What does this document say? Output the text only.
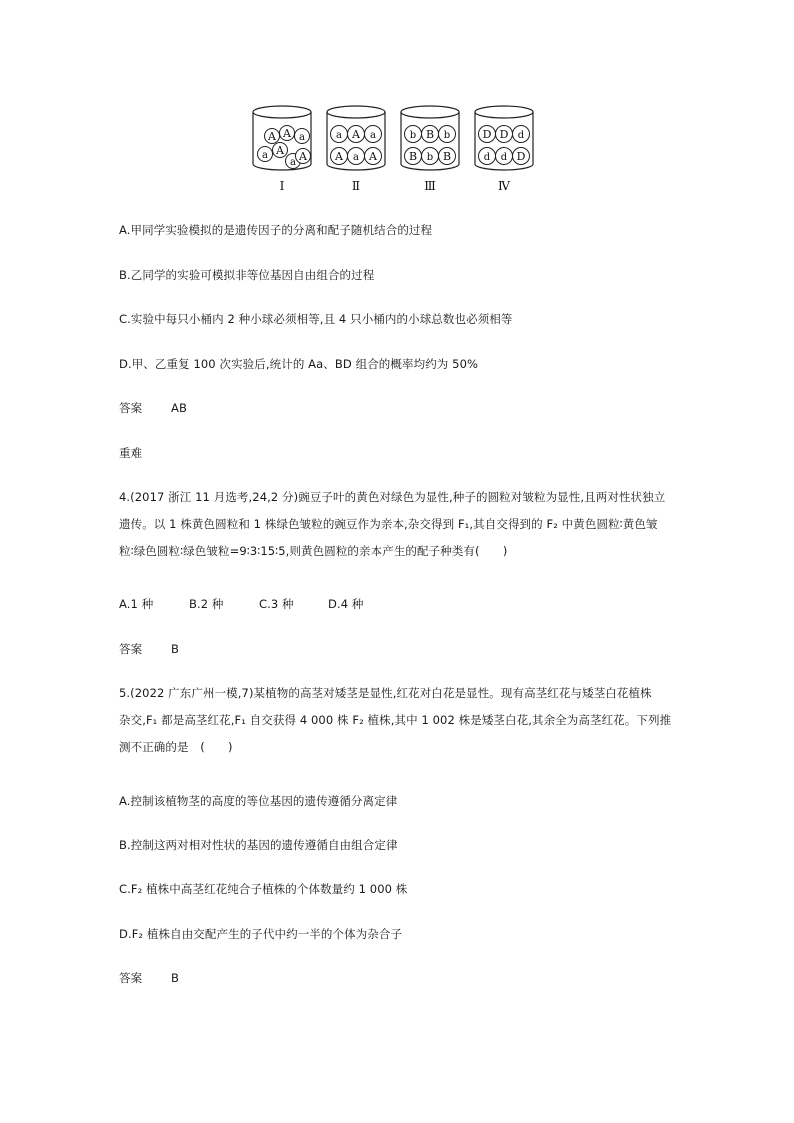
A A a
a A
a A
Ⅰ
a A a
A a A
Ⅱ
b B b
B b B
Ⅲ
D D d
d d D
Ⅳ
A.甲同学实验模拟的是遗传因子的分离和配子随机结合的过程
B.乙同学的实验可模拟非等位基因自由组合的过程
C.实验中每只小桶内 2 种小球必须相等,且 4 只小桶内的小球总数也必须相等
D.甲、乙重复 100 次实验后,统计的 Aa、BD 组合的概率均约为 50%
答案	AB
重难
4.(2017 浙江 11 月选考,24,2 分)豌豆子叶的黄色对绿色为显性,种子的圆粒对皱粒为显性,且两对性状独立
遗传。以 1 株黄色圆粒和 1 株绿色皱粒的豌豆作为亲本,杂交得到 F₁,其自交得到的 F₂ 中黄色圆粒∶黄色皱
粒∶绿色圆粒∶绿色皱粒=9∶3∶15∶5,则黄色圆粒的亲本产生的配子种类有(　　)
A.1 种	B.2 种	C.3 种	D.4 种
答案	B
5.(2022 广东广州一模,7)某植物的高茎对矮茎是显性,红花对白花是显性。现有高茎红花与矮茎白花植株
杂交,F₁ 都是高茎红花,F₁ 自交获得 4 000 株 F₂ 植株,其中 1 002 株是矮茎白花,其余全为高茎红花。下列推
测不正确的是　(　　)
A.控制该植物茎的高度的等位基因的遗传遵循分离定律
B.控制这两对相对性状的基因的遗传遵循自由组合定律
C.F₂ 植株中高茎红花纯合子植株的个体数量约 1 000 株
D.F₂ 植株自由交配产生的子代中约一半的个体为杂合子
答案	B
